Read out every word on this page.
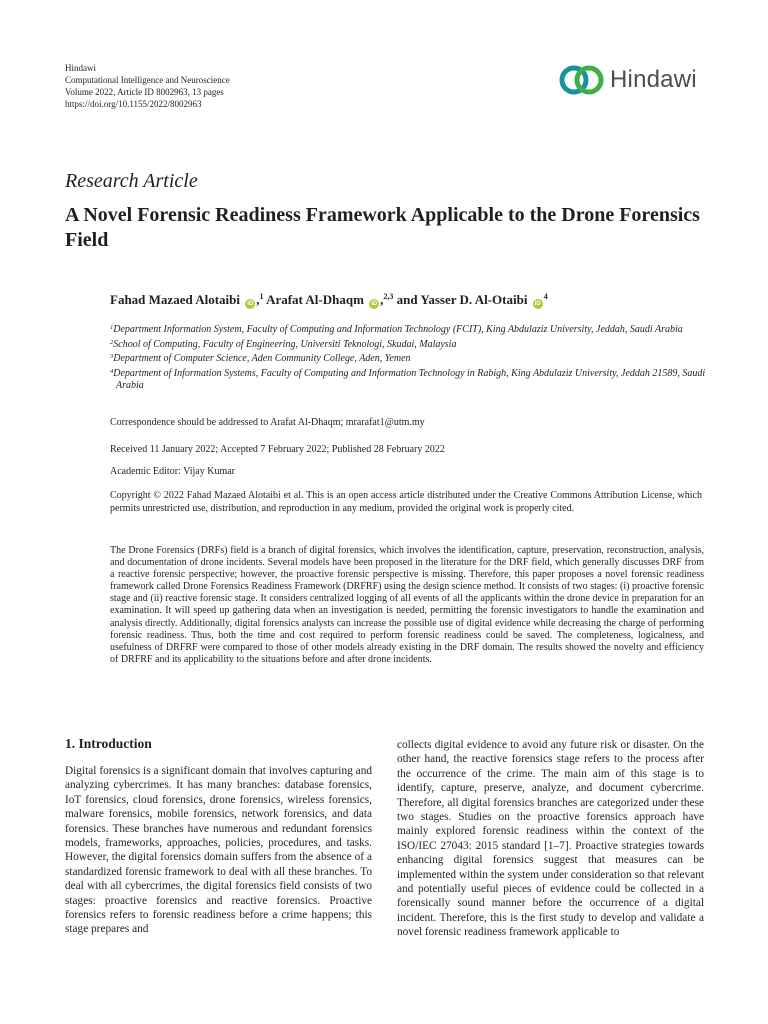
Hindawi
Computational Intelligence and Neuroscience
Volume 2022, Article ID 8002963, 13 pages
https://doi.org/10.1155/2022/8002963
Hindawi
Research Article
A Novel Forensic Readiness Framework Applicable to the Drone Forensics Field
Fahad Mazaed Alotaibi iD ,$^1$ Arafat Al-Dhaqm iD ,$^{2,3}$ and Yasser D. Al-Otaibi $iD^4$
$^1$Department Information System, Faculty of Computing and Information Technology (FCIT), King Abdulaziz University, Jeddah, Saudi Arabia
$^2$School of Computing, Faculty of Engineering, Universiti Teknologi, Skudai, Malaysia
$^3$Department of Computer Science, Aden Community College, Aden, Yemen
$^4$Department of Information Systems, Faculty of Computing and Information Technology in Rabigh, King Abdulaziz University, Jeddah 21589, Saudi Arabia
Correspondence should be addressed to Arafat Al-Dhaqm; mrarafat1@utm.my
Received 11 January 2022; Accepted 7 February 2022; Published 28 February 2022
Academic Editor: Vijay Kumar
Copyright © 2022 Fahad Mazaed Alotaibi et al. This is an open access article distributed under the Creative Commons Attribution License, which permits unrestricted use, distribution, and reproduction in any medium, provided the original work is properly cited.
The Drone Forensics (DRFs) field is a branch of digital forensics, which involves the identification, capture, preservation, reconstruction, analysis, and documentation of drone incidents. Several models have been proposed in the literature for the DRF field, which generally discusses DRF from a reactive forensic perspective; however, the proactive forensic perspective is missing. Therefore, this paper proposes a novel forensic readiness framework called Drone Forensics Readiness Framework (DRFRF) using the design science method. It consists of two stages: (i) proactive forensic stage and (ii) reactive forensic stage. It considers centralized logging of all events of all the applicants within the drone device in preparation for an examination. It will speed up gathering data when an investigation is needed, permitting the forensic investigators to handle the examination and analysis directly. Additionally, digital forensics analysts can increase the possible use of digital evidence while decreasing the charge of performing forensic readiness. Thus, both the time and cost required to perform forensic readiness could be saved. The completeness, logicalness, and usefulness of DRFRF were compared to those of other models already existing in the DRF domain. The results showed the novelty and efficiency of DRFRF and its applicability to the situations before and after drone incidents.
1. Introduction
Digital forensics is a significant domain that involves capturing and analyzing cybercrimes. It has many branches: database forensics, IoT forensics, cloud forensics, drone forensics, wireless forensics, malware forensics, mobile forensics, network forensics, and data forensics. These branches have numerous and redundant forensics models, frameworks, approaches, policies, procedures, and tasks. However, the digital forensics domain suffers from the absence of a standardized forensic framework to deal with all these branches. To deal with all cybercrimes, the digital forensics field consists of two stages: proactive forensics and reactive forensics. Proactive forensics refers to forensic readiness before a crime happens; this stage prepares and
collects digital evidence to avoid any future risk or disaster. On the other hand, the reactive forensics stage refers to the process after the occurrence of the crime. The main aim of this stage is to identify, capture, preserve, analyze, and document cybercrime. Therefore, all digital forensics branches are categorized under these two stages. Studies on the proactive forensics approach have mainly explored forensic readiness within the context of the ISO/IEC 27043: 2015 standard [1–7]. Proactive strategies towards enhancing digital forensics suggest that measures can be implemented within the system under consideration so that relevant and potentially useful pieces of evidence could be collected in a forensically sound manner before the occurrence of a digital incident. Therefore, this is the first study to develop and validate a novel forensic readiness framework applicable to
